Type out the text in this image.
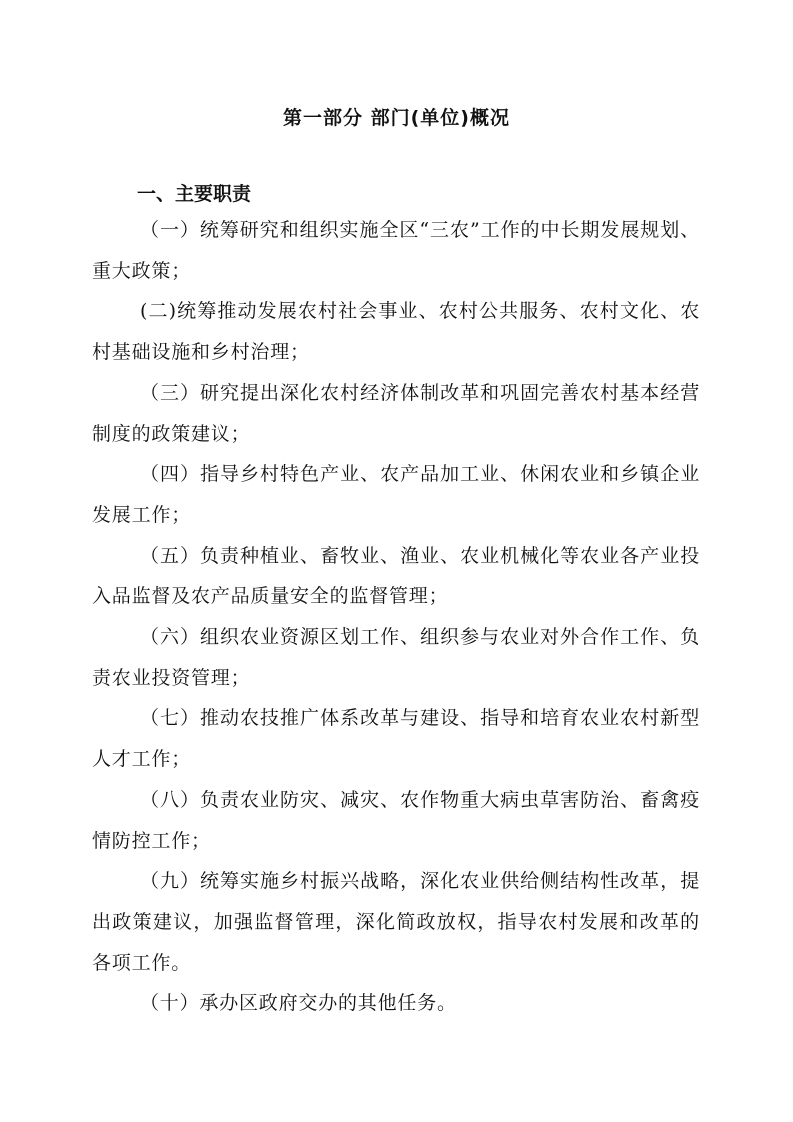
第一部分 部门(单位)概况
一、主要职责

（一）统筹研究和组织实施全区“三农”工作的中长期发展规划、重大政策；

(二)统筹推动发展农村社会事业、农村公共服务、农村文化、农村基础设施和乡村治理；

（三）研究提出深化农村经济体制改革和巩固完善农村基本经营制度的政策建议；

（四）指导乡村特色产业、农产品加工业、休闲农业和乡镇企业发展工作；

（五）负责种植业、畜牧业、渔业、农业机械化等农业各产业投入品监督及农产品质量安全的监督管理；

（六）组织农业资源区划工作、组织参与农业对外合作工作、负责农业投资管理；

（七）推动农技推广体系改革与建设、指导和培育农业农村新型人才工作；

（八）负责农业防灾、减灾、农作物重大病虫草害防治、畜禽疫情防控工作；

（九）统筹实施乡村振兴战略，深化农业供给侧结构性改革，提出政策建议，加强监督管理，深化简政放权，指导农村发展和改革的各项工作。

（十）承办区政府交办的其他任务。
